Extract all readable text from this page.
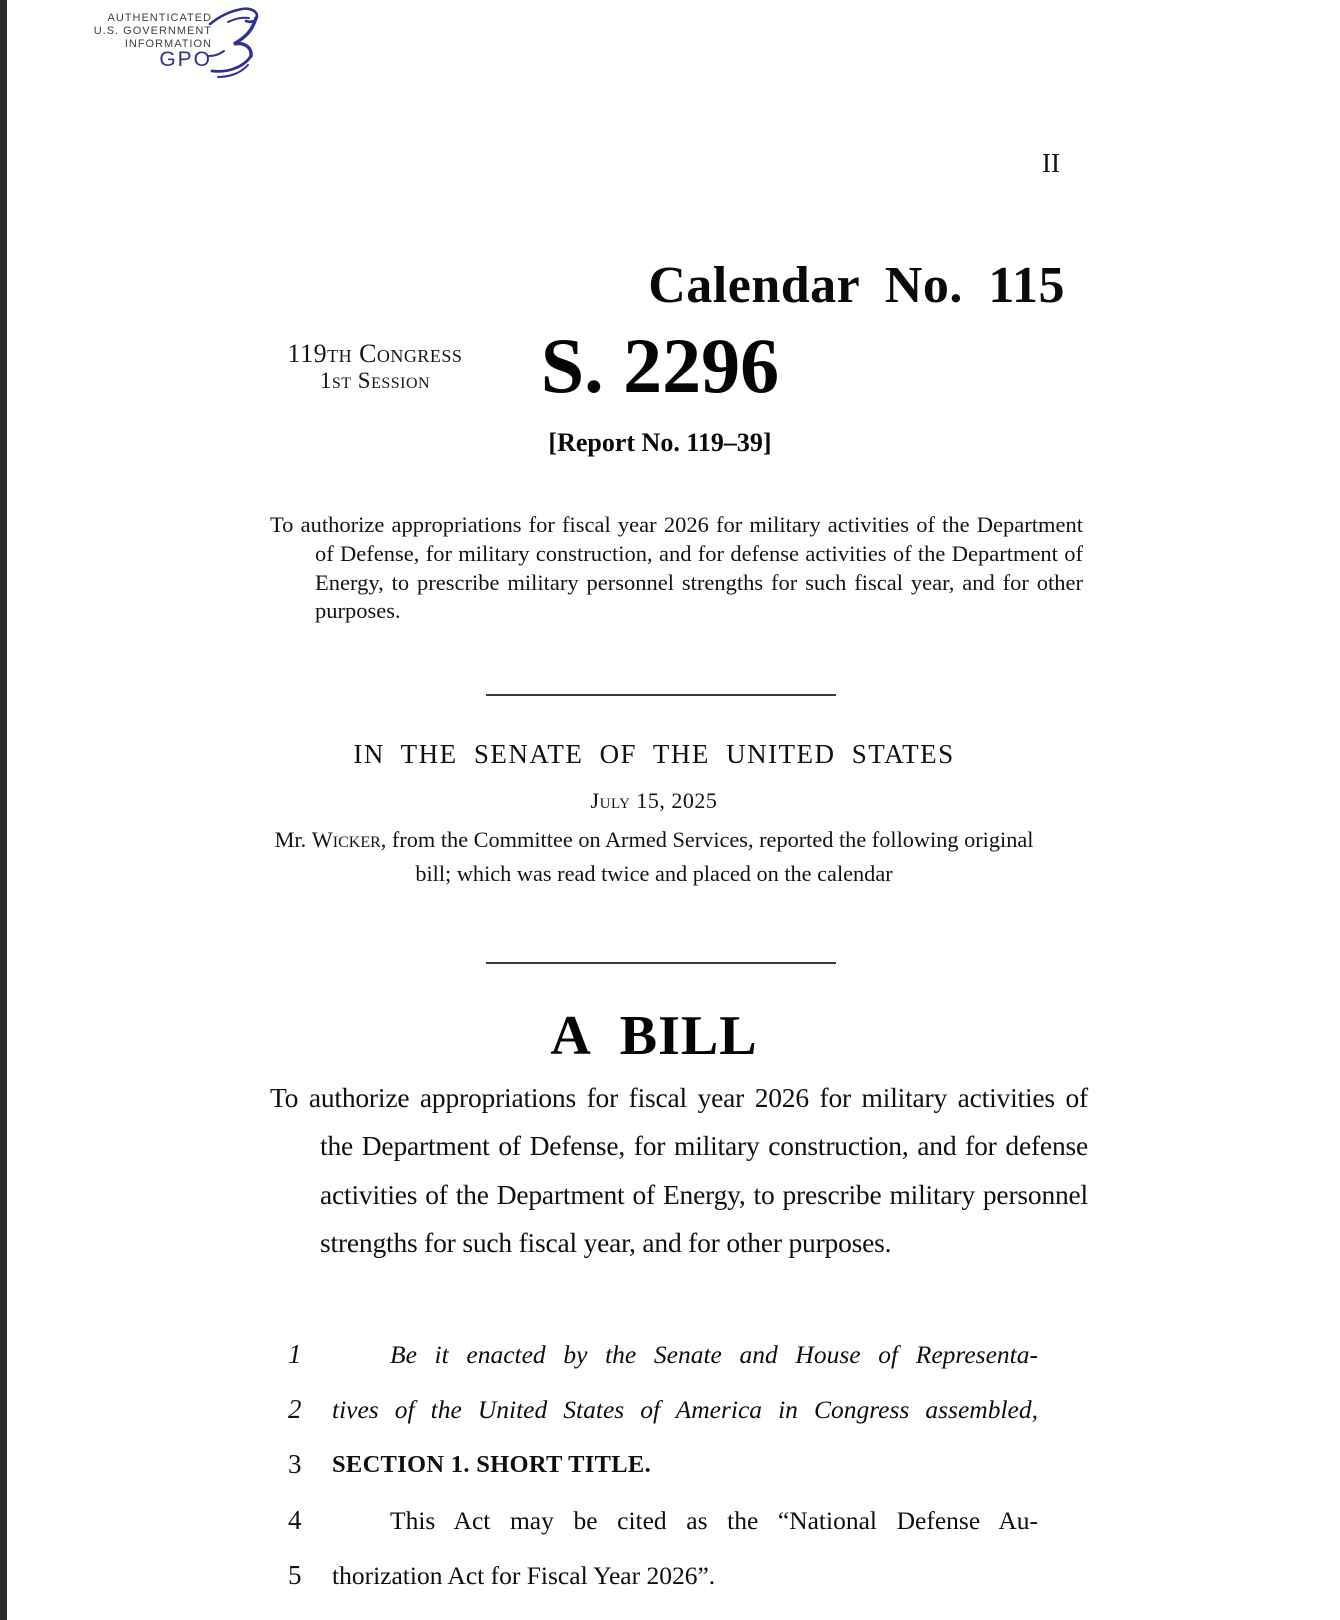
AUTHENTICATED
U.S. GOVERNMENT
INFORMATION
GPO
II
Calendar No. 115
119th Congress
1st Session	S. 2296
[Report No. 119–39]
To authorize appropriations for fiscal year 2026 for military activities of the Department of Defense, for military construction, and for defense activities of the Department of Energy, to prescribe military personnel strengths for such fiscal year, and for other purposes.
IN THE SENATE OF THE UNITED STATES
July 15, 2025
Mr. Wicker, from the Committee on Armed Services, reported the following original bill; which was read twice and placed on the calendar
A BILL
To authorize appropriations for fiscal year 2026 for military activities of the Department of Defense, for military construction, and for defense activities of the Department of Energy, to prescribe military personnel strengths for such fiscal year, and for other purposes.
1	Be it enacted by the Senate and House of Representa-
2	tives of the United States of America in Congress assembled,
3	SECTION 1. SHORT TITLE.
4	This Act may be cited as the “National Defense Au-
5	thorization Act for Fiscal Year 2026”.
